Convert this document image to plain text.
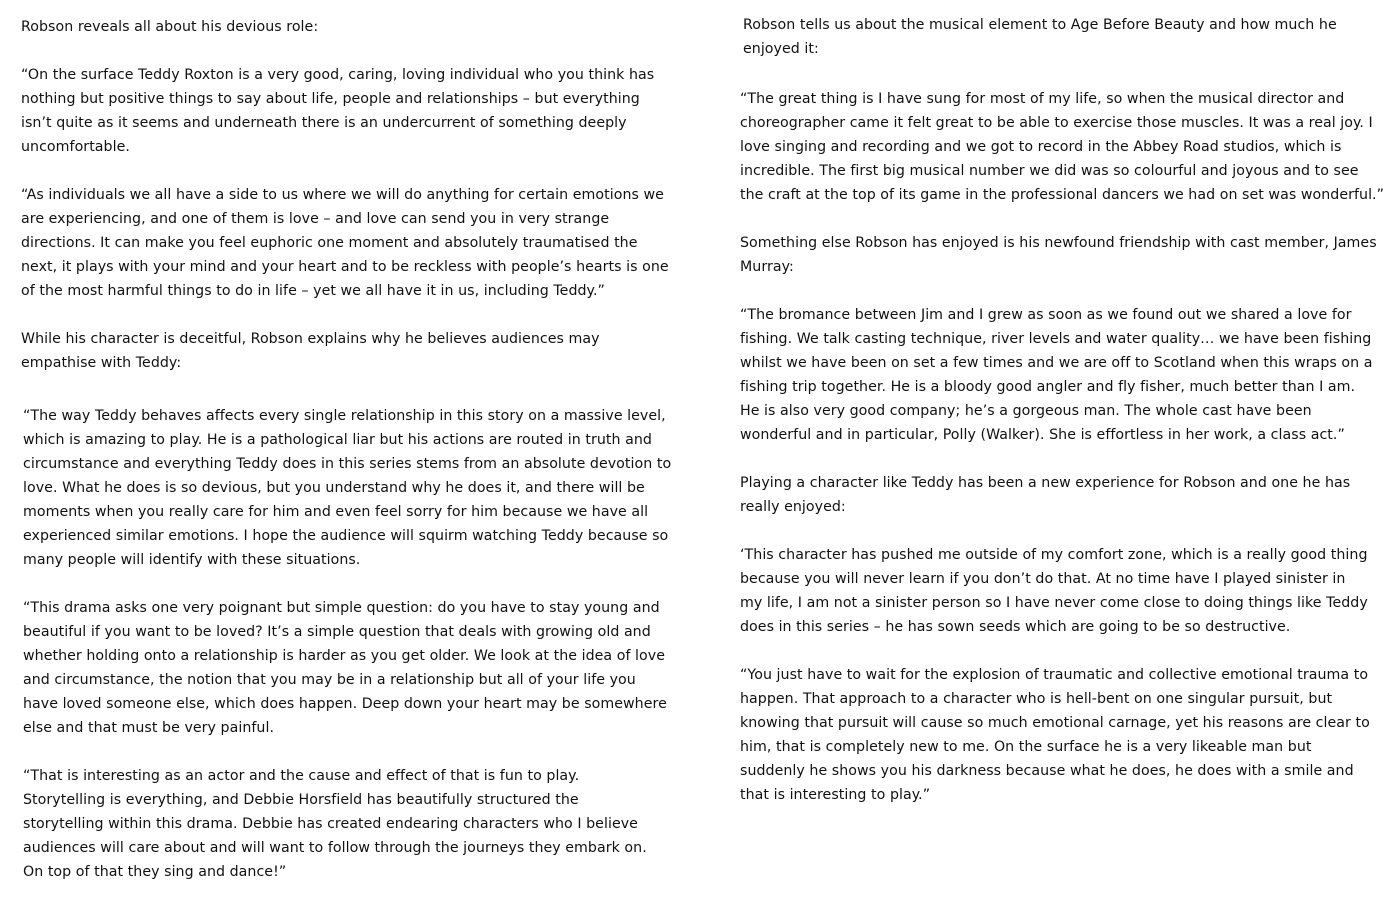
Robson reveals all about his devious role:

“On the surface Teddy Roxton is a very good, caring, loving individual who you think has nothing but positive things to say about life, people and relationships – but everything isn’t quite as it seems and underneath there is an undercurrent of something deeply uncomfortable.

“As individuals we all have a side to us where we will do anything for certain emotions we are experiencing, and one of them is love – and love can send you in very strange directions. It can make you feel euphoric one moment and absolutely traumatised the next, it plays with your mind and your heart and to be reckless with people’s hearts is one of the most harmful things to do in life – yet we all have it in us, including Teddy.”

While his character is deceitful, Robson explains why he believes audiences may empathise with Teddy:

“The way Teddy behaves affects every single relationship in this story on a massive level, which is amazing to play. He is a pathological liar but his actions are routed in truth and circumstance and everything Teddy does in this series stems from an absolute devotion to love. What he does is so devious, but you understand why he does it, and there will be moments when you really care for him and even feel sorry for him because we have all experienced similar emotions. I hope the audience will squirm watching Teddy because so many people will identify with these situations.

“This drama asks one very poignant but simple question: do you have to stay young and beautiful if you want to be loved? It’s a simple question that deals with growing old and whether holding onto a relationship is harder as you get older. We look at the idea of love and circumstance, the notion that you may be in a relationship but all of your life you have loved someone else, which does happen. Deep down your heart may be somewhere else and that must be very painful.

“That is interesting as an actor and the cause and effect of that is fun to play. Storytelling is everything, and Debbie Horsfield has beautifully structured the storytelling within this drama. Debbie has created endearing characters who I believe audiences will care about and will want to follow through the journeys they embark on. On top of that they sing and dance!”

Robson tells us about the musical element to Age Before Beauty and how much he enjoyed it:

“The great thing is I have sung for most of my life, so when the musical director and choreographer came it felt great to be able to exercise those muscles. It was a real joy. I love singing and recording and we got to record in the Abbey Road studios, which is incredible. The first big musical number we did was so colourful and joyous and to see the craft at the top of its game in the professional dancers we had on set was wonderful.”

Something else Robson has enjoyed is his newfound friendship with cast member, James Murray:

“The bromance between Jim and I grew as soon as we found out we shared a love for fishing. We talk casting technique, river levels and water quality… we have been fishing whilst we have been on set a few times and we are off to Scotland when this wraps on a fishing trip together. He is a bloody good angler and fly fisher, much better than I am. He is also very good company; he’s a gorgeous man. The whole cast have been wonderful and in particular, Polly (Walker). She is effortless in her work, a class act.”

Playing a character like Teddy has been a new experience for Robson and one he has really enjoyed:

‘This character has pushed me outside of my comfort zone, which is a really good thing because you will never learn if you don’t do that. At no time have I played sinister in my life, I am not a sinister person so I have never come close to doing things like Teddy does in this series – he has sown seeds which are going to be so destructive.

“You just have to wait for the explosion of traumatic and collective emotional trauma to happen. That approach to a character who is hell-bent on one singular pursuit, but knowing that pursuit will cause so much emotional carnage, yet his reasons are clear to him, that is completely new to me. On the surface he is a very likeable man but suddenly he shows you his darkness because what he does, he does with a smile and that is interesting to play.”
